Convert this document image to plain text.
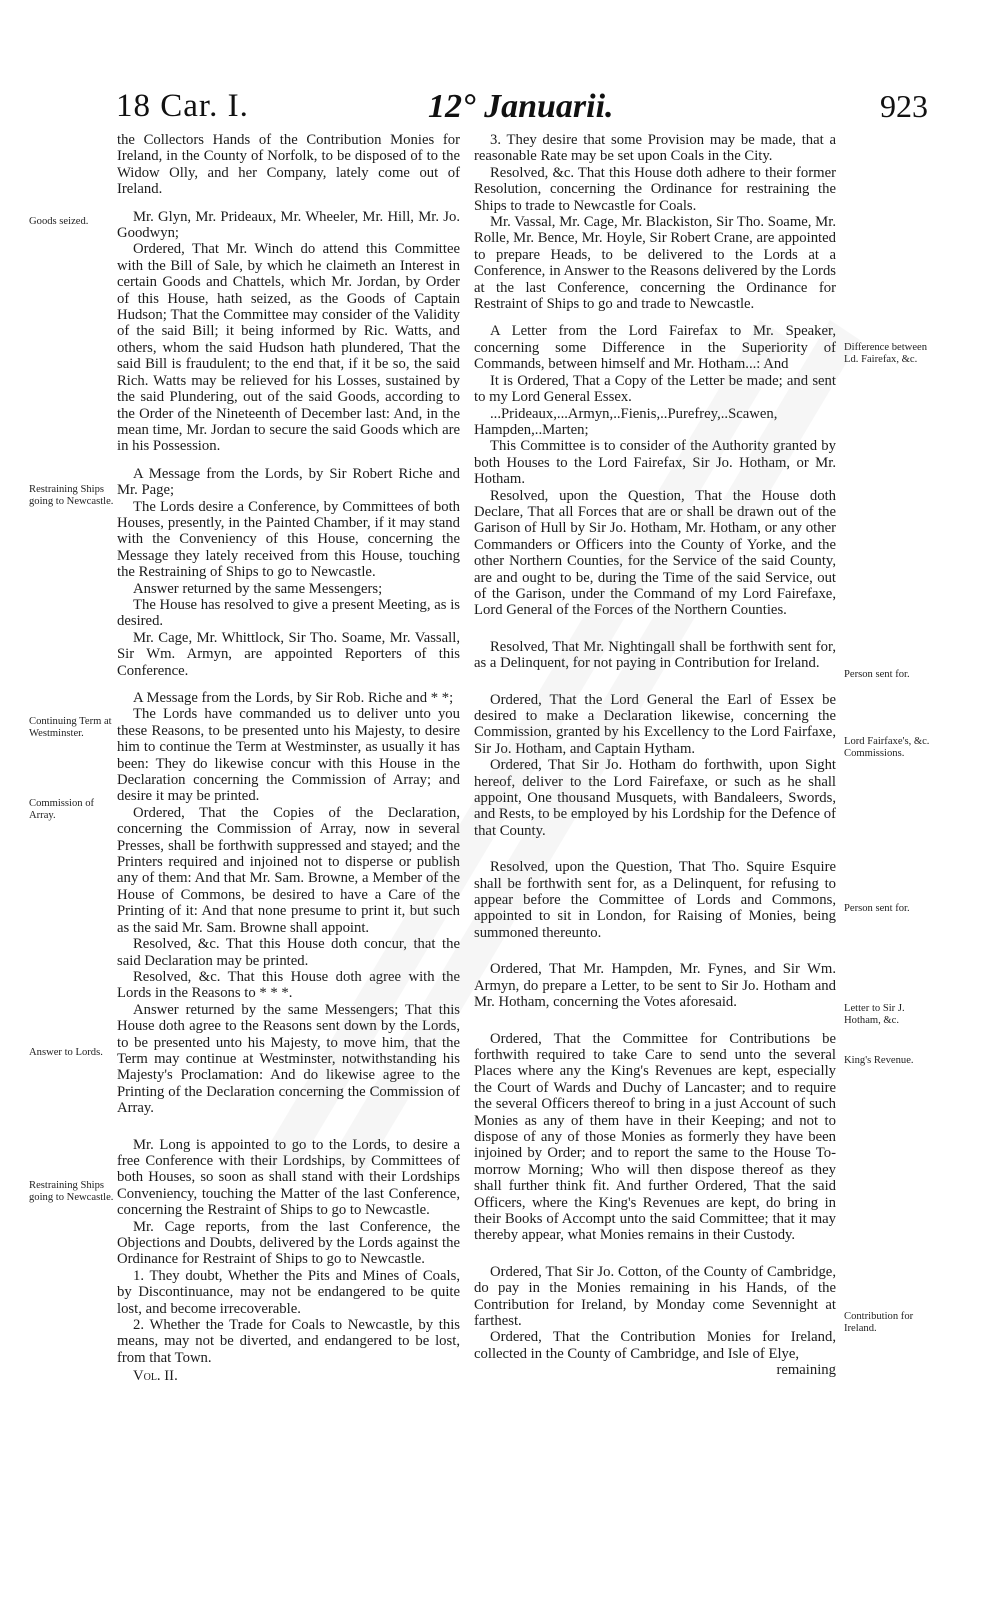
18 Car. I.	12° Januarii.	923
Goods seized.
Restraining Ships going to Newcastle.
Continuing Term at Westminster.
Commission of Array.
Answer to Lords.
Restraining Ships going to Newcastle.
Difference between Ld. Fairefax, &c.
Person sent for.
Lord Fairfaxe's, &c. Commissions.
Person sent for.
Letter to Sir J. Hotham, &c.
King's Revenue.
Contribution for Ireland.

the Collectors Hands of the Contribution Monies for Ireland, in the County of Norfolk, to be disposed of to the Widow Olly, and her Company, lately come out of Ireland.

Mr. Glyn, Mr. Prideaux, Mr. Wheeler, Mr. Hill, Mr. Jo. Goodwyn;

Ordered, That Mr. Winch do attend this Committee with the Bill of Sale, by which he claimeth an Interest in certain Goods and Chattels, which Mr. Jordan, by Order of this House, hath seized, as the Goods of Captain Hudson; That the Committee may consider of the Validity of the said Bill; it being informed by Ric. Watts, and others, whom the said Hudson hath plundered, That the said Bill is fraudulent; to the end that, if it be so, the said Rich. Watts may be relieved for his Losses, sustained by the said Plundering, out of the said Goods, according to the Order of the Nineteenth of December last: And, in the mean time, Mr. Jordan to secure the said Goods which are in his Possession.

A Message from the Lords, by Sir Robert Riche and Mr. Page;

The Lords desire a Conference, by Committees of both Houses, presently, in the Painted Chamber, if it may stand with the Conveniency of this House, concerning the Message they lately received from this House, touching the Restraining of Ships to go to Newcastle.

Answer returned by the same Messengers;

The House has resolved to give a present Meeting, as is desired.

Mr. Cage, Mr. Whittlock, Sir Tho. Soame, Mr. Vassall, Sir Wm. Armyn, are appointed Reporters of this Conference.

A Message from the Lords, by Sir Rob. Riche and * *;

The Lords have commanded us to deliver unto you these Reasons, to be presented unto his Majesty, to desire him to continue the Term at Westminster, as usually it has been: They do likewise concur with this House in the Declaration concerning the Commission of Array; and desire it may be printed.

Ordered, That the Copies of the Declaration, concerning the Commission of Array, now in several Presses, shall be forthwith suppressed and stayed; and the Printers required and injoined not to disperse or publish any of them: And that Mr. Sam. Browne, a Member of the House of Commons, be desired to have a Care of the Printing of it: And that none presume to print it, but such as the said Mr. Sam. Browne shall appoint.

Resolved, &c. That this House doth concur, that the said Declaration may be printed.

Resolved, &c. That this House doth agree with the Lords in the Reasons to * * *.

Answer returned by the same Messengers; That this House doth agree to the Reasons sent down by the Lords, to be presented unto his Majesty, to move him, that the Term may continue at Westminster, notwithstanding his Majesty's Proclamation: And do likewise agree to the Printing of the Declaration concerning the Commission of Array.

Mr. Long is appointed to go to the Lords, to desire a free Conference with their Lordships, by Committees of both Houses, so soon as shall stand with their Lordships Conveniency, touching the Matter of the last Conference, concerning the Restraint of Ships to go to Newcastle.

Mr. Cage reports, from the last Conference, the Objections and Doubts, delivered by the Lords against the Ordinance for Restraint of Ships to go to Newcastle.

1. They doubt, Whether the Pits and Mines of Coals, by Discontinuance, may not be endangered to be quite lost, and become irrecoverable.

2. Whether the Trade for Coals to Newcastle, by this means, may not be diverted, and endangered to be lost, from that Town.

Vol. II.

3. They desire that some Provision may be made, that a reasonable Rate may be set upon Coals in the City.

Resolved, &c. That this House doth adhere to their former Resolution, concerning the Ordinance for restraining the Ships to trade to Newcastle for Coals.

Mr. Vassal, Mr. Cage, Mr. Blackiston, Sir Tho. Soame, Mr. Rolle, Mr. Bence, Mr. Hoyle, Sir Robert Crane, are appointed to prepare Heads, to be delivered to the Lords at a Conference, in Answer to the Reasons delivered by the Lords at the last Conference, concerning the Ordinance for Restraint of Ships to go and trade to Newcastle.

A Letter from the Lord Fairefax to Mr. Speaker, concerning some Difference in the Superiority of Commands, between himself and Mr. Hotham...: And

It is Ordered, That a Copy of the Letter be made; and sent to my Lord General Essex.

...Prideaux,...Armyn,..Fienis,..Purefrey,..Scawen, Hampden,..Marten;

This Committee is to consider of the Authority granted by both Houses to the Lord Fairefax, Sir Jo. Hotham, or Mr. Hotham.

Resolved, upon the Question, That the House doth Declare, That all Forces that are or shall be drawn out of the Garison of Hull by Sir Jo. Hotham, Mr. Hotham, or any other Commanders or Officers into the County of Yorke, and the other Northern Counties, for the Service of the said County, are and ought to be, during the Time of the said Service, out of the Garison, under the Command of my Lord Fairefaxe, Lord General of the Forces of the Northern Counties.

Resolved, That Mr. Nightingall shall be forthwith sent for, as a Delinquent, for not paying in Contribution for Ireland.

Ordered, That the Lord General the Earl of Essex be desired to make a Declaration likewise, concerning the Commission, granted by his Excellency to the Lord Fairfaxe, Sir Jo. Hotham, and Captain Hytham.

Ordered, That Sir Jo. Hotham do forthwith, upon Sight hereof, deliver to the Lord Fairefaxe, or such as he shall appoint, One thousand Musquets, with Bandaleers, Swords, and Rests, to be employed by his Lordship for the Defence of that County.

Resolved, upon the Question, That Tho. Squire Esquire shall be forthwith sent for, as a Delinquent, for refusing to appear before the Committee of Lords and Commons, appointed to sit in London, for Raising of Monies, being summoned thereunto.

Ordered, That Mr. Hampden, Mr. Fynes, and Sir Wm. Armyn, do prepare a Letter, to be sent to Sir Jo. Hotham and Mr. Hotham, concerning the Votes aforesaid.

Ordered, That the Committee for Contributions be forthwith required to take Care to send unto the several Places where any the King's Revenues are kept, especially the Court of Wards and Duchy of Lancaster; and to require the several Officers thereof to bring in a just Account of such Monies as any of them have in their Keeping; and not to dispose of any of those Monies as formerly they have been injoined by Order; and to report the same to the House To-morrow Morning; Who will then dispose thereof as they shall further think fit. And further Ordered, That the said Officers, where the King's Revenues are kept, do bring in their Books of Accompt unto the said Committee; that it may thereby appear, what Monies remains in their Custody.

Ordered, That Sir Jo. Cotton, of the County of Cambridge, do pay in the Monies remaining in his Hands, of the Contribution for Ireland, by Monday come Sevennight at farthest.

Ordered, That the Contribution Monies for Ireland, collected in the County of Cambridge, and Isle of Elye,

remaining
